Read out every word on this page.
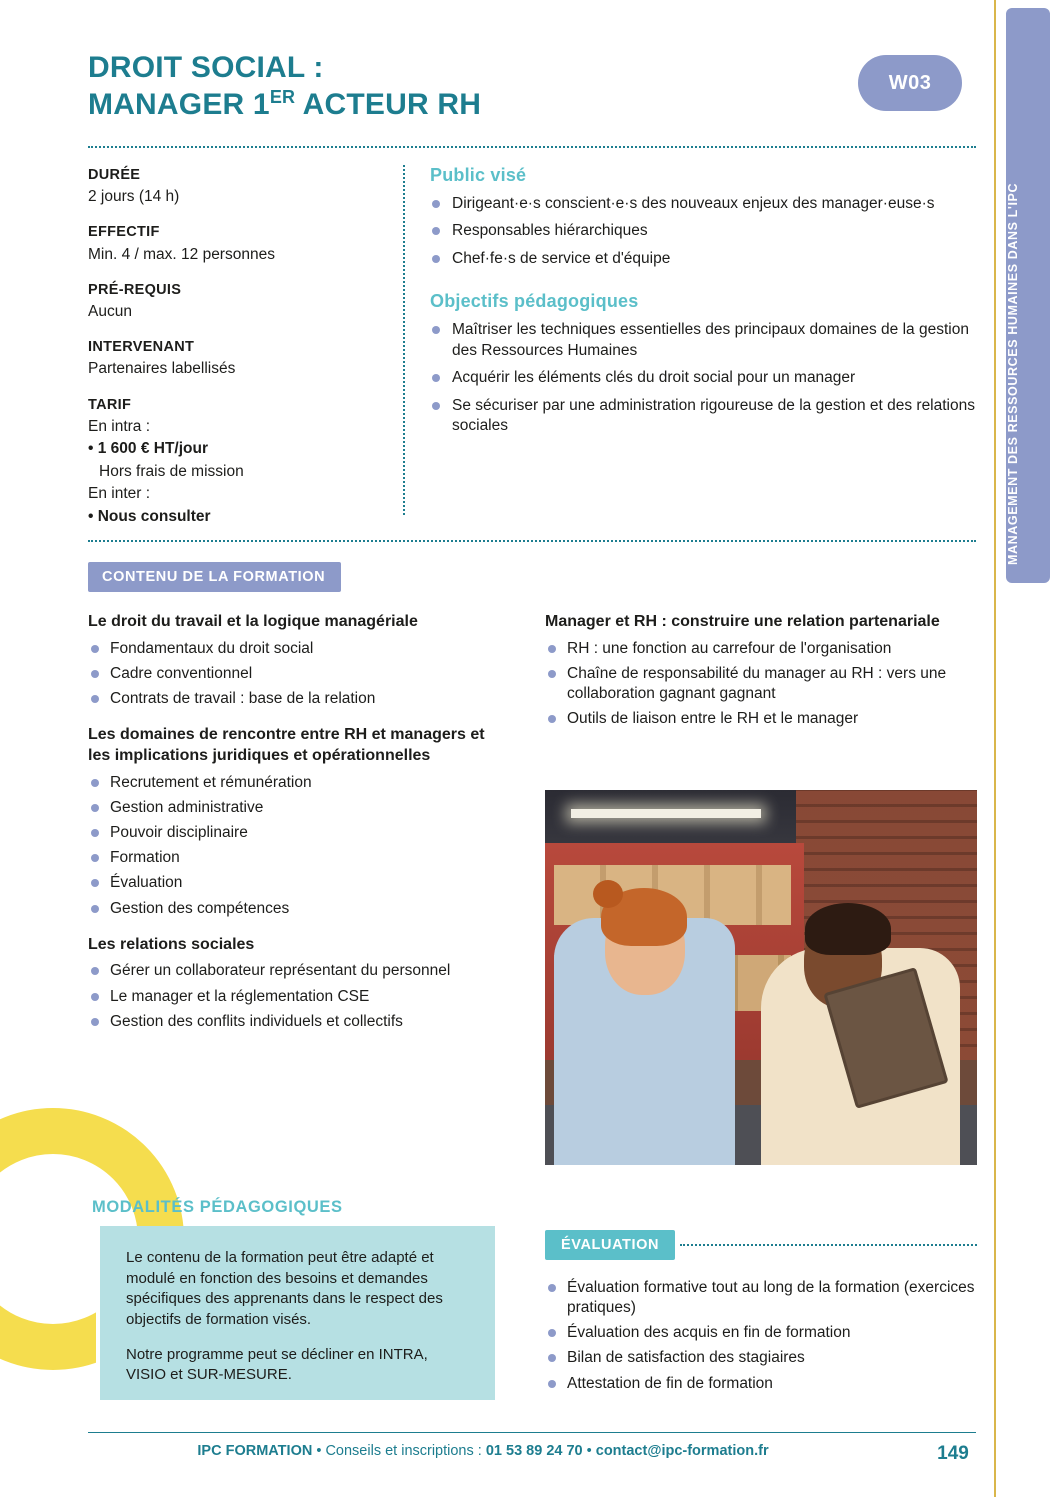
MANAGEMENT DES RESSOURCES HUMAINES DANS L'IPC
DROIT SOCIAL :
MANAGER 1ER ACTEUR RH
W03
DURÉE
2 jours (14 h)
EFFECTIF
Min. 4 / max. 12 personnes
PRÉ-REQUIS
Aucun
INTERVENANT
Partenaires labellisés
TARIF
En intra :
• 1 600 € HT/jour
Hors frais de mission
En inter :
• Nous consulter
Public visé
Dirigeant·e·s conscient·e·s des nouveaux enjeux des manager·euse·s
Responsables hiérarchiques
Chef·fe·s de service et d'équipe
Objectifs pédagogiques
Maîtriser les techniques essentielles des principaux domaines de la gestion des Ressources Humaines
Acquérir les éléments clés du droit social pour un manager
Se sécuriser par une administration rigoureuse de la gestion et des relations sociales
CONTENU DE LA FORMATION
Le droit du travail et la logique managériale
Fondamentaux du droit social
Cadre conventionnel
Contrats de travail : base de la relation
Les domaines de rencontre entre RH et managers et les implications juridiques et opérationnelles
Recrutement et rémunération
Gestion administrative
Pouvoir disciplinaire
Formation
Évaluation
Gestion des compétences
Les relations sociales
Gérer un collaborateur représentant du personnel
Le manager et la réglementation CSE
Gestion des conflits individuels et collectifs
Manager et RH : construire une relation partenariale
RH : une fonction au carrefour de l'organisation
Chaîne de responsabilité du manager au RH : vers une collaboration gagnant gagnant
Outils de liaison entre le RH et le manager
MODALITÉS PÉDAGOGIQUES

Le contenu de la formation peut être adapté et modulé en fonction des besoins et demandes spécifiques des apprenants dans le respect des objectifs de formation visés.

Notre programme peut se décliner en INTRA, VISIO et SUR-MESURE.

ÉVALUATION
Évaluation formative tout au long de la formation (exercices pratiques)
Évaluation des acquis en fin de formation
Bilan de satisfaction des stagiaires
Attestation de fin de formation
IPC FORMATION • Conseils et inscriptions : 01 53 89 24 70 • contact@ipc-formation.fr	149
